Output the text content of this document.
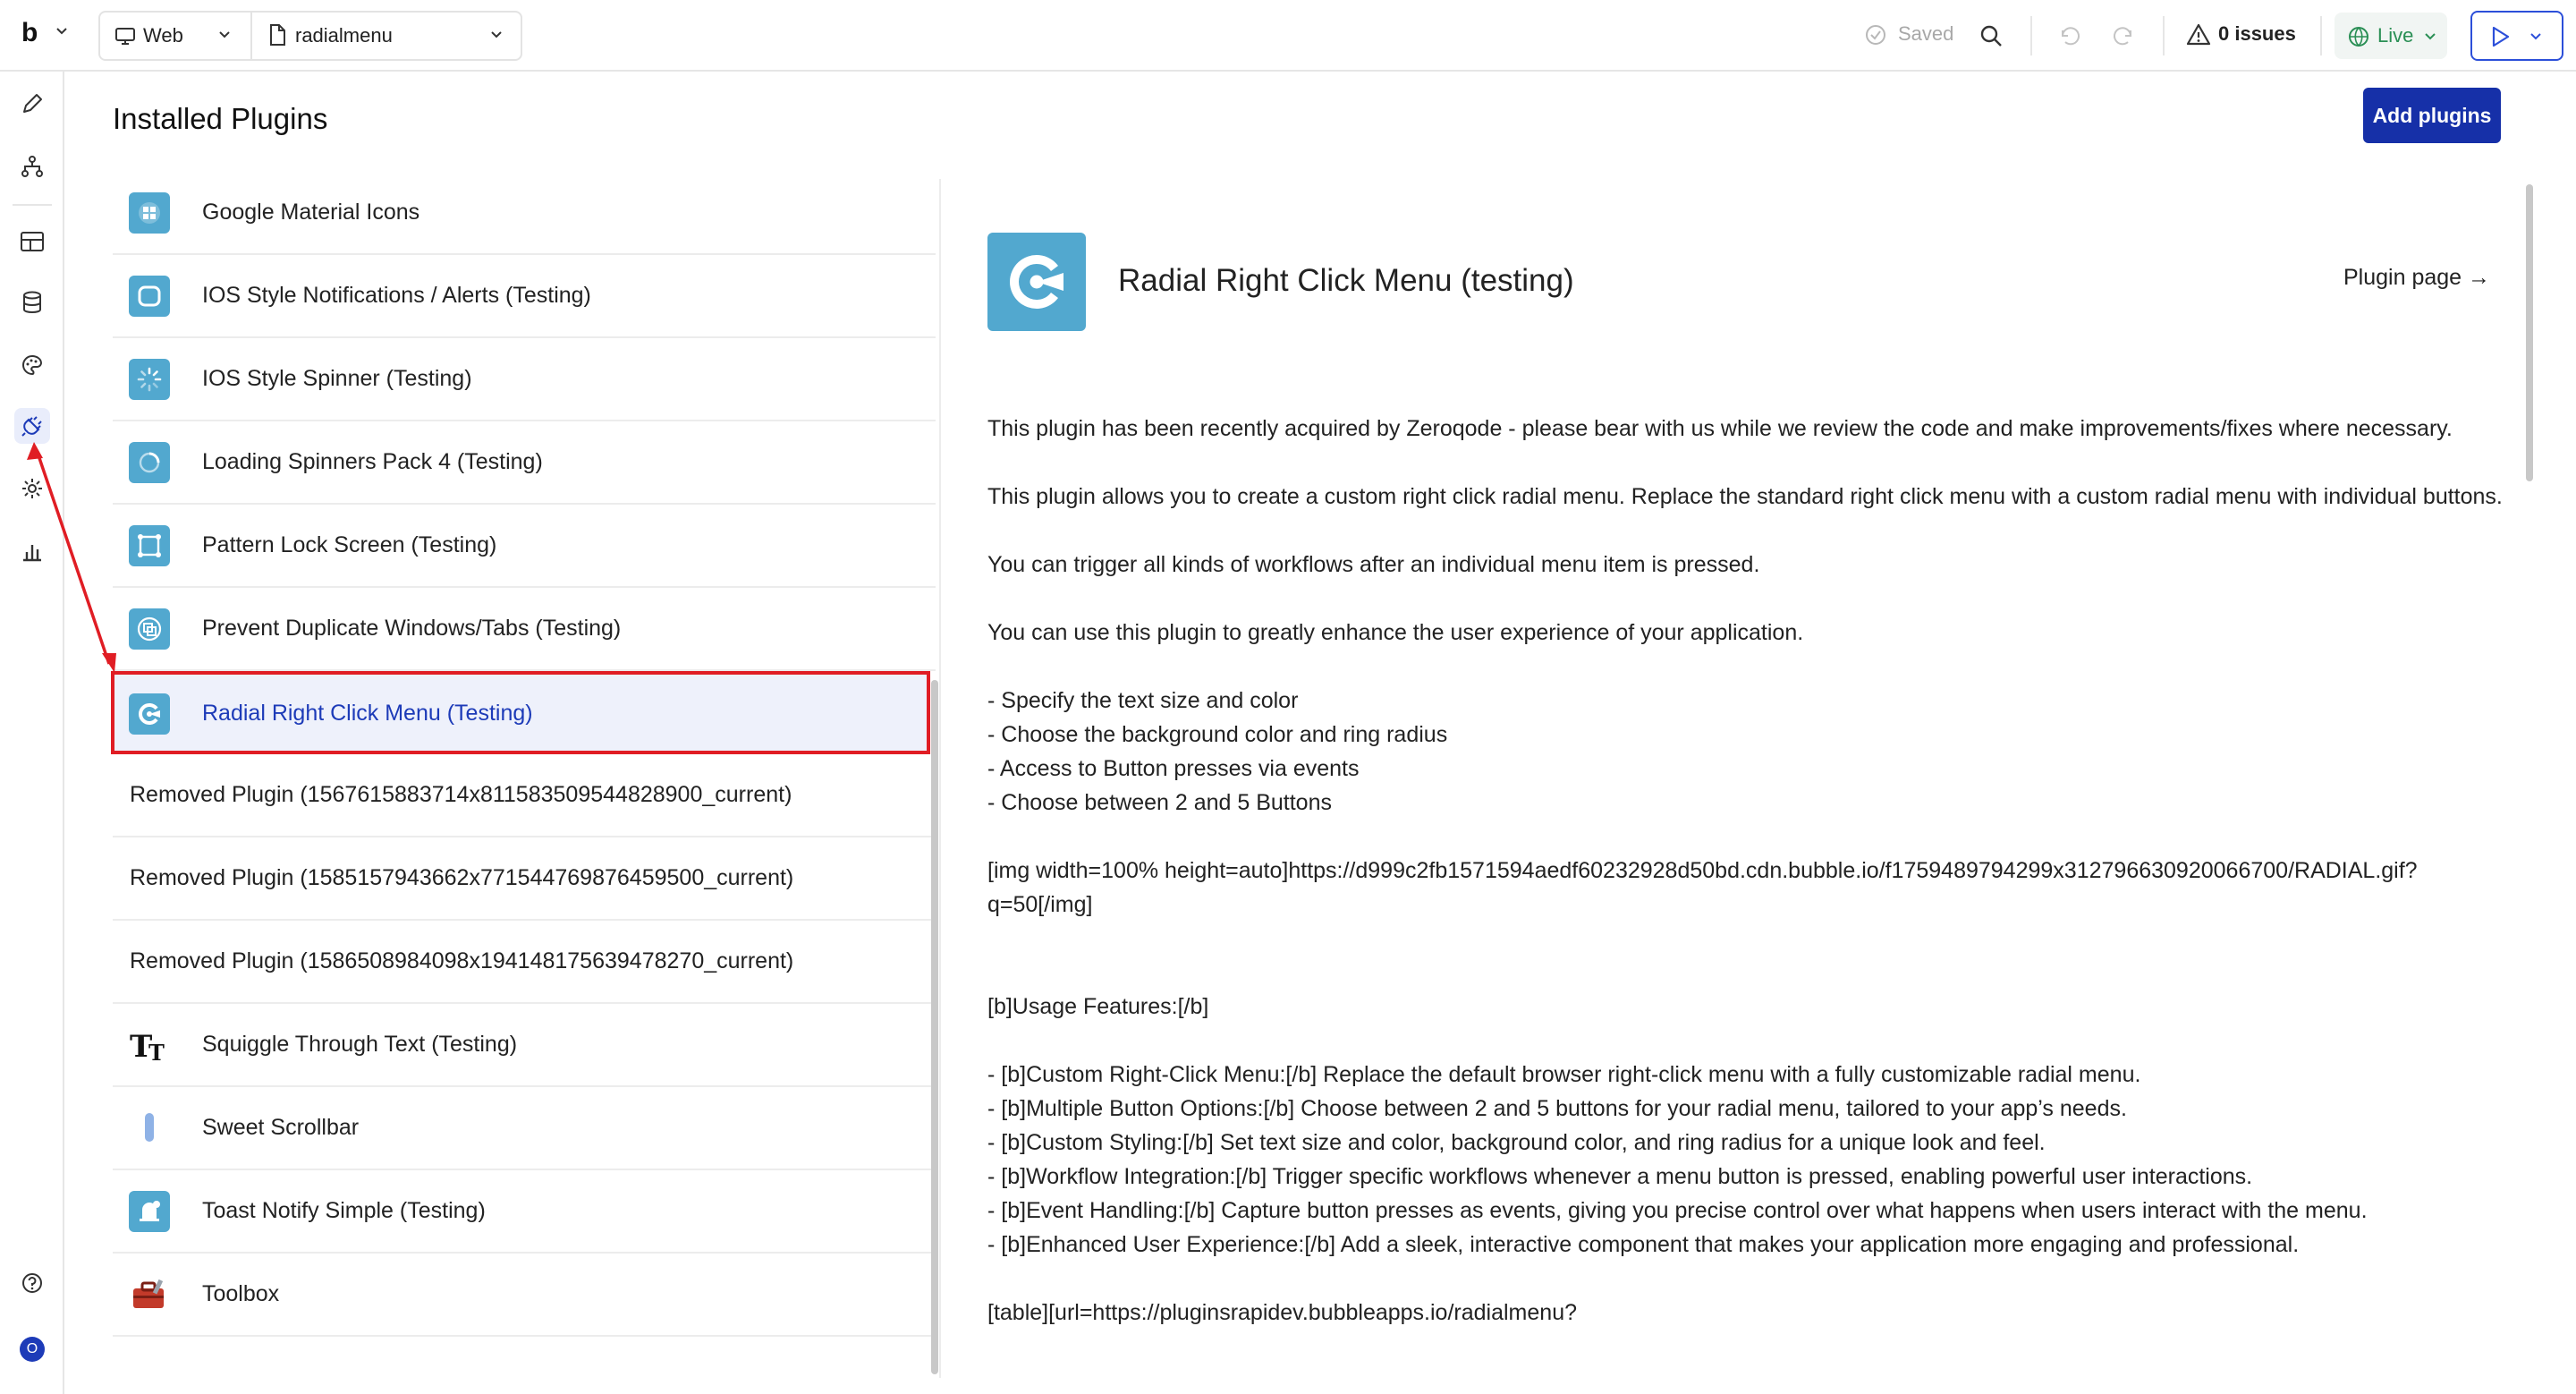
b	Web	radialmenu	Saved	0 issues	Live
O
Installed Plugins	Add plugins
Google Material Icons
IOS Style Notifications / Alerts (Testing)
IOS Style Spinner (Testing)
Loading Spinners Pack 4 (Testing)
Pattern Lock Screen (Testing)
Prevent Duplicate Windows/Tabs (Testing)
Radial Right Click Menu (Testing)
Removed Plugin (1567615883714x811583509544828900_current)
Removed Plugin (1585157943662x771544769876459500_current)
Removed Plugin (1586508984098x194148175639478270_current)
T
T Squiggle Through Text (Testing)
Sweet Scrollbar
Toast Notify Simple (Testing)
Toolbox
Radial Right Click Menu (testing)	Plugin page →

This plugin has been recently acquired by Zeroqode - please bear with us while we review the code and make improvements/fixes where necessary.

This plugin allows you to create a custom right click radial menu. Replace the standard right click menu with a custom radial menu with individual buttons.

You can trigger all kinds of workflows after an individual menu item is pressed.

You can use this plugin to greatly enhance the user experience of your application.

- Specify the text size and color

- Choose the background color and ring radius

- Access to Button presses via events

- Choose between 2 and 5 Buttons

[img width=100% height=auto]https://d999c2fb1571594aedf60232928d50bd.cdn.bubble.io/f1759489794299x312796630920066700/RADIAL.gif?q=50[/img]

[b]Usage Features:[/b]

- [b]Custom Right-Click Menu:[/b] Replace the default browser right-click menu with a fully customizable radial menu.

- [b]Multiple Button Options:[/b] Choose between 2 and 5 buttons for your radial menu, tailored to your app’s needs.

- [b]Custom Styling:[/b] Set text size and color, background color, and ring radius for a unique look and feel.

- [b]Workflow Integration:[/b] Trigger specific workflows whenever a menu button is pressed, enabling powerful user interactions.

- [b]Event Handling:[/b] Capture button presses as events, giving you precise control over what happens when users interact with the menu.

- [b]Enhanced User Experience:[/b] Add a sleek, interactive component that makes your application more engaging and professional.

[table][url=https://pluginsrapidev.bubbleapps.io/radialmenu?
